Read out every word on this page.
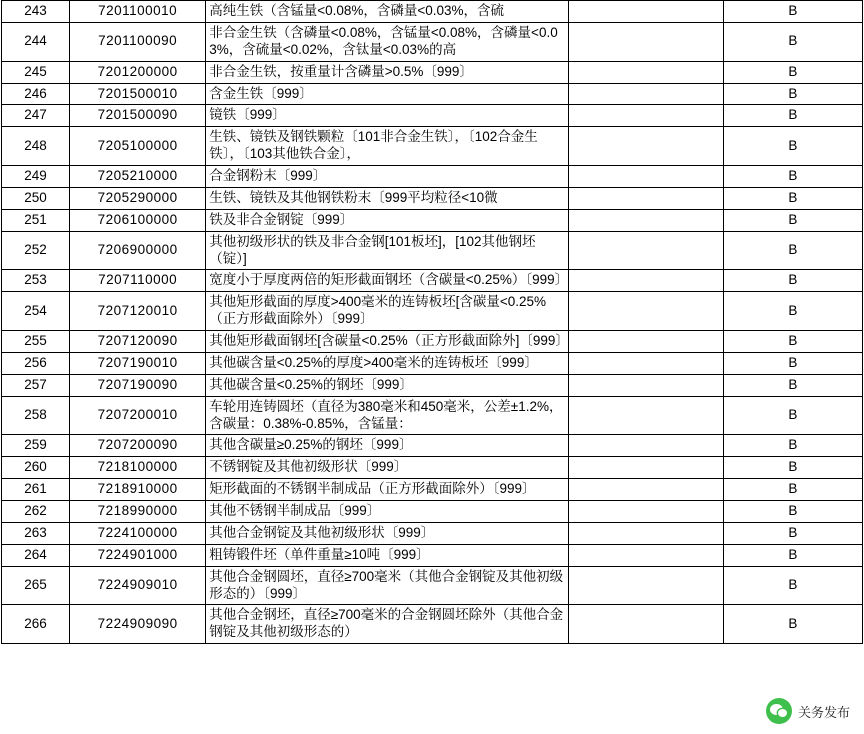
243	7201100010	高纯生铁（含锰量<0.08%，含磷量<0.03%，含硫		B
244	7201100090	非合金生铁（含磷量<0.08%，含锰量<0.08%，含磷量<0.03%，含硫量<0.02%，含钛量<0.03%的高		B
245	7201200000	非合金生铁，按重量计含磷量>0.5%〔999〕		B
246	7201500010	含金生铁〔999〕		B
247	7201500090	镜铁〔999〕		B
248	7205100000	生铁、镜铁及钢铁颗粒〔101非合金生铁〕，〔102合金生铁〕，〔103其他铁合金〕，		B
249	7205210000	合金钢粉末〔999〕		B
250	7205290000	生铁、镜铁及其他钢铁粉末〔999平均粒径<10微		B
251	7206100000	铁及非合金钢锭〔999〕		B
252	7206900000	其他初级形状的铁及非合金钢[101板坯]，[102其他钢坯（锭）]		B
253	7207110000	宽度小于厚度两倍的矩形截面钢坯（含碳量<0.25%）〔999〕		B
254	7207120010	其他矩形截面的厚度>400毫米的连铸板坯[含碳量<0.25%（正方形截面除外）〔999〕		B
255	7207120090	其他矩形截面钢坯[含碳量<0.25%（正方形截面除外]〔999〕		B
256	7207190010	其他碳含量<0.25%的厚度>400毫米的连铸板坯〔999〕		B
257	7207190090	其他碳含量<0.25%的钢坯〔999〕		B
258	7207200010	车轮用连铸圆坯（直径为380毫米和450毫米，公差±1.2%，含碳量：0.38%-0.85%，含锰量：		B
259	7207200090	其他含碳量≥0.25%的钢坯〔999〕		B
260	7218100000	不锈钢锭及其他初级形状〔999〕		B
261	7218910000	矩形截面的不锈钢半制成品（正方形截面除外）〔999〕		B
262	7218990000	其他不锈钢半制成品〔999〕		B
263	7224100000	其他合金钢锭及其他初级形状〔999〕		B
264	7224901000	粗铸锻件坯（单件重量≥10吨〔999〕		B
265	7224909010	其他合金钢圆坯，直径≥700毫米（其他合金钢锭及其他初级形态的）〔999〕		B
266	7224909090	其他合金钢坯，直径≥700毫米的合金钢圆坯除外（其他合金钢锭及其他初级形态的）		B
关务发布
